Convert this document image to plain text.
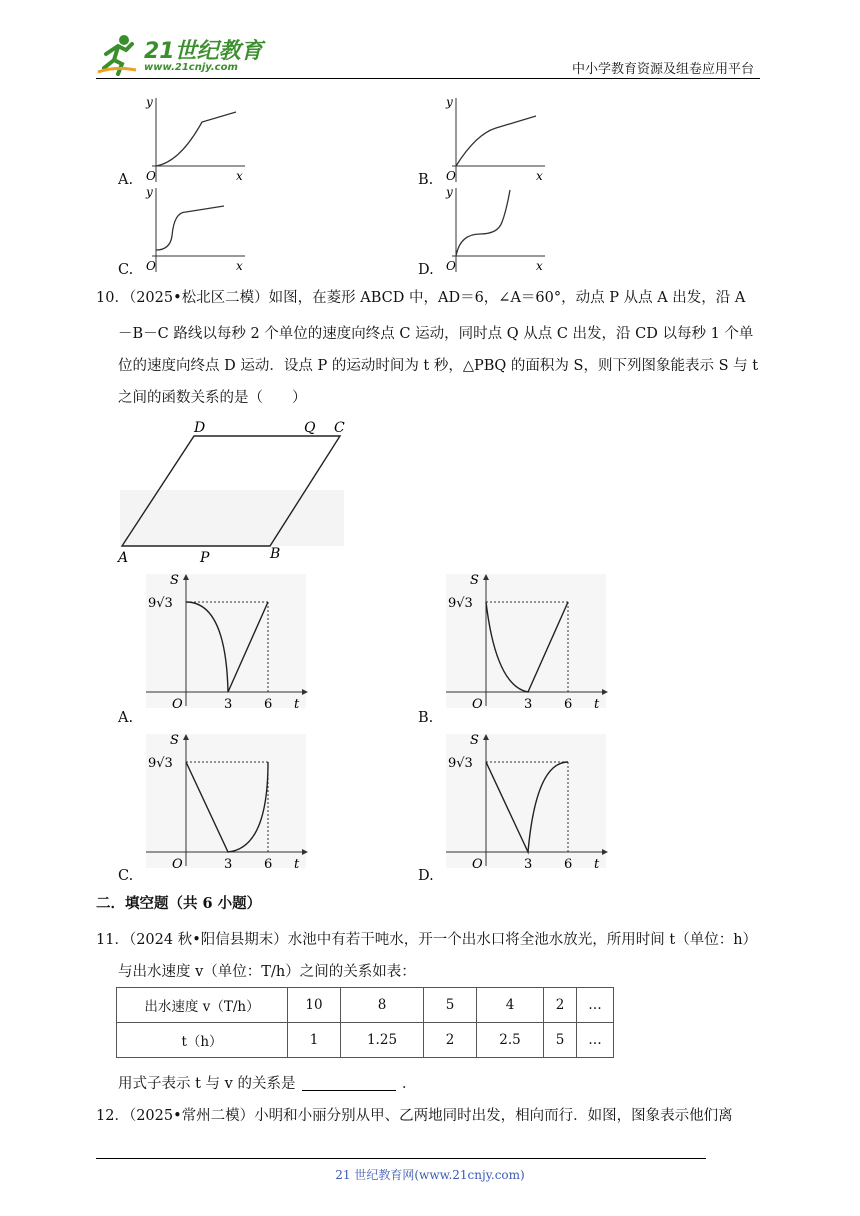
21世纪教育
www.21cnjy.com	中小学教育资源及组卷应用平台
y
x
O
A.
y
x
O
B.
y
x
O
C.
y
x
O
D.
10．（2025•松北区二模）如图，在菱形 ABCD 中，AD＝6，∠A＝60°，动点 P 从点 A 出发，沿 A
－B－C 路线以每秒 2 个单位的速度向终点 C 运动，同时点 Q 从点 C 出发，沿 CD 以每秒 1 个单
位的速度向终点 D 运动．设点 P 的运动时间为 t 秒，△PBQ 的面积为 S，则下列图象能表示 S 与 t
之间的函数关系的是（　　）
D	Q C
A	P	B
S
t
O
9√3
3 6
A.
S
t
O
9√3
3 6
B.
S
t
O
9√3
3 6
C.
S
t
O
9√3
3 6
D.
二．填空题（共 6 小题）
11．（2024 秋•阳信县期末）水池中有若干吨水，开一个出水口将全池水放光，所用时间 t（单位：h）
与出水速度 v（单位：T/h）之间的关系如表：
出水速度 v（T/h）	10	8	5	4	2	…
t（h）	1	1.25	2	2.5	5	…
用式子表示 t 与 v 的关系是	．
12．（2025•常州二模）小明和小丽分别从甲、乙两地同时出发，相向而行．如图，图象表示他们离
21 世纪教育网(www.21cnjy.com)
